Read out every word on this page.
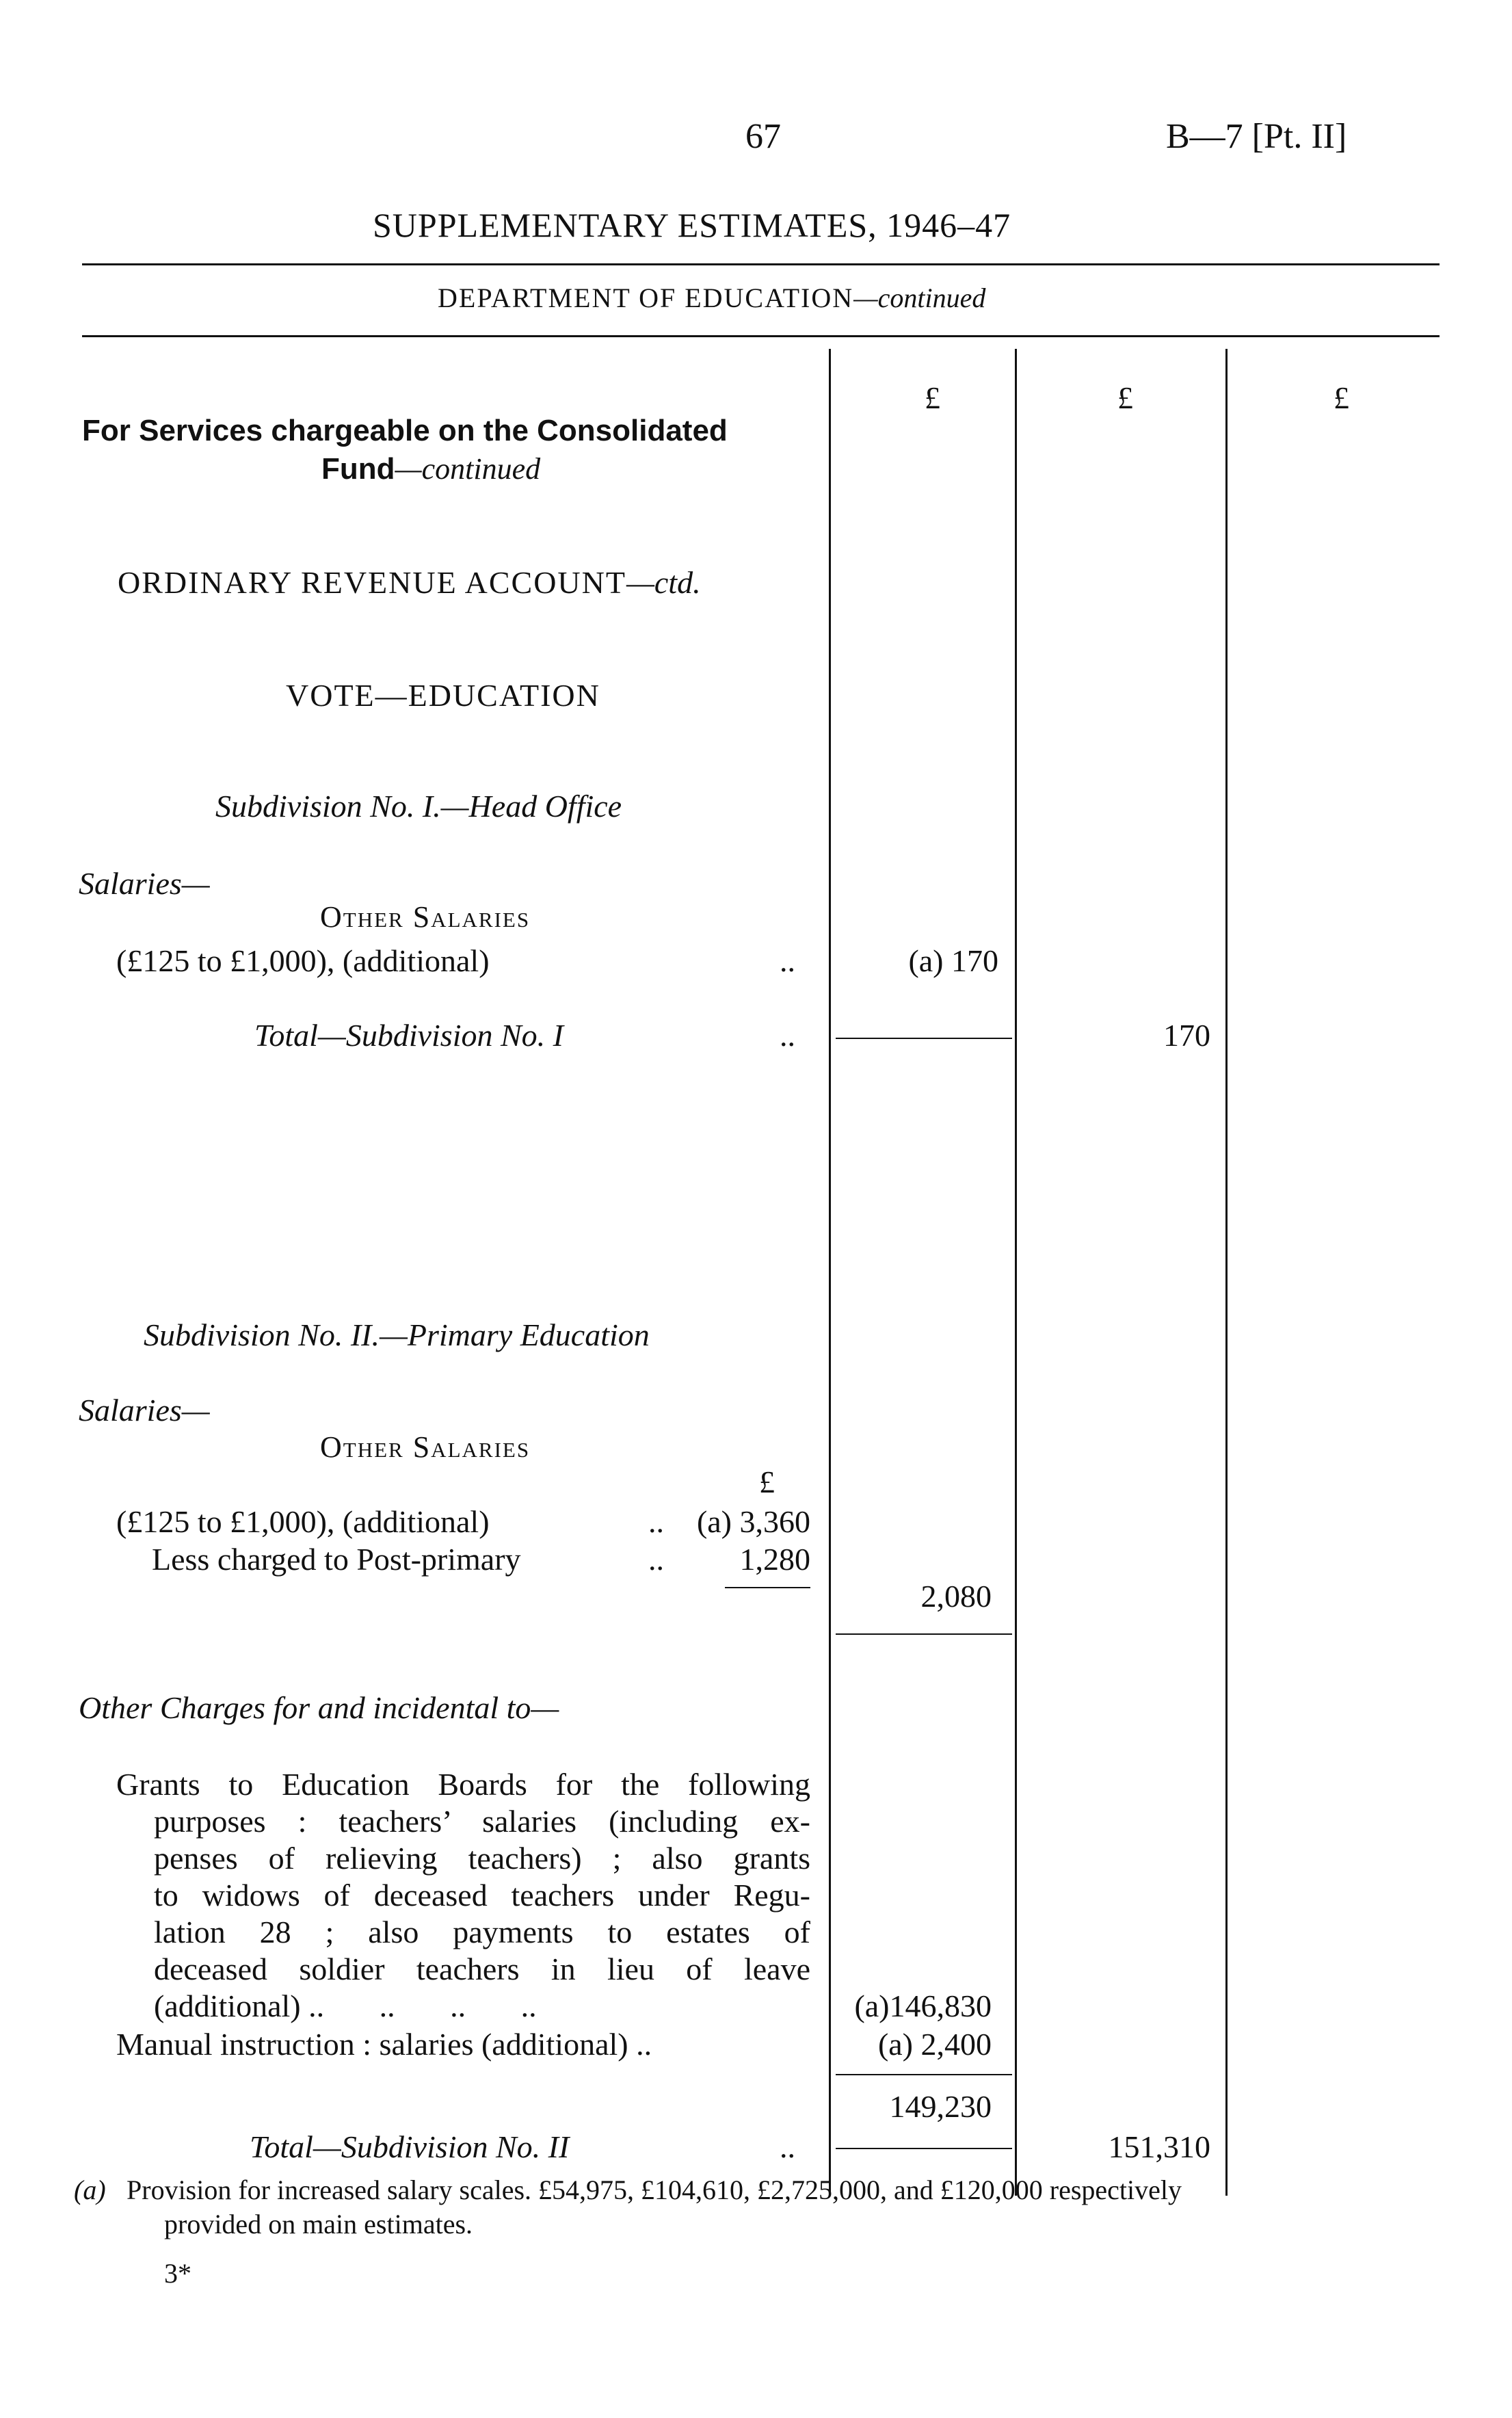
67	B—7 [Pt. II]
SUPPLEMENTARY ESTIMATES, 1946–47
DEPARTMENT OF EDUCATION—continued
£	£	£
For Services chargeable on the Consolidated
Fund—continued
ORDINARY REVENUE ACCOUNT—ctd.
VOTE—EDUCATION
Subdivision No. I.—Head Office
Salaries—
Other Salaries
(£125 to £1,000), (additional)	..	(a) 170
Total—Subdivision No. I	..	170
Subdivision No. II.—Primary Education
Salaries—
Other Salaries
£
(£125 to £1,000), (additional)	..	(a) 3,360
Less charged to Post-primary	..	1,280
2,080
Other Charges for and incidental to—
Grants to Education Boards for the following
purposes : teachers’ salaries (including ex-
penses of relieving teachers) ; also grants
to widows of deceased teachers under Regu-
lation 28 ; also payments to estates of
deceased soldier teachers in lieu of leave
(additional) ..       ..       ..       ..	(a)146,830
Manual instruction : salaries (additional) ..	(a) 2,400
149,230
Total—Subdivision No. II	..	151,310
(a) Provision for increased salary scales. £54,975, £104,610, £2,725,000, and £120,000 respectively
provided on main estimates.
3*
